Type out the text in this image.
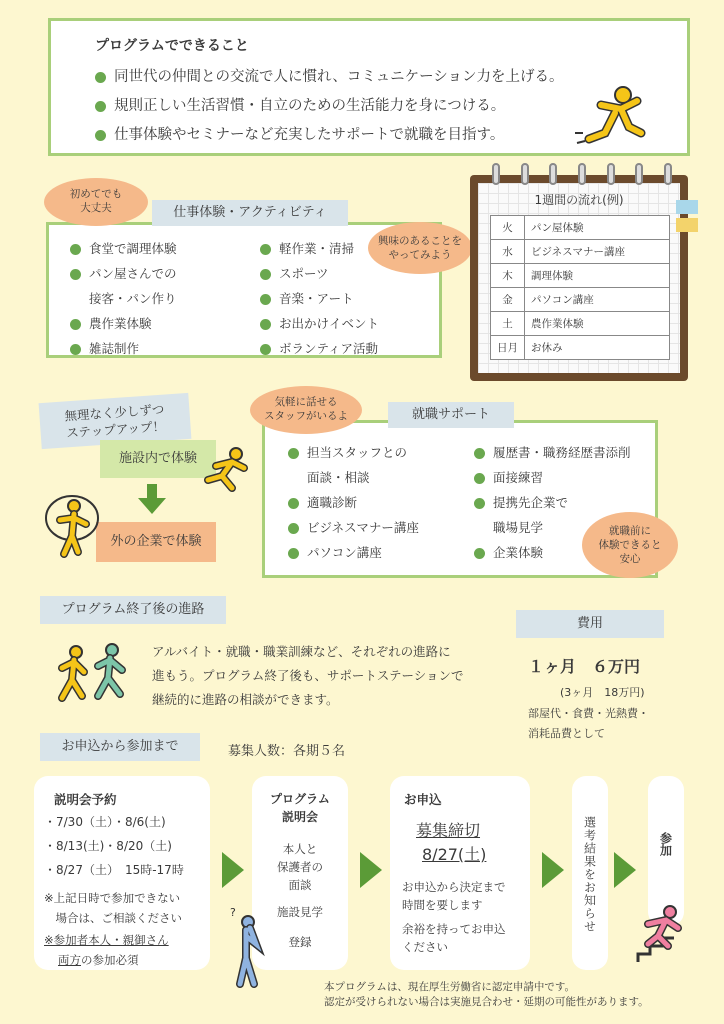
プログラムでできること
同世代の仲間との交流で人に慣れ、コミュニケーション力を上げる。
規則正しい生活習慣・自立のための生活能力を身につける。
仕事体験やセミナーなど充実したサポートで就職を目指す。
初めてでも
大丈夫	仕事体験・アクティビティ
食堂で調理体験
パン屋さんでの
接客・パン作り
農作業体験
雑誌制作
軽作業・清掃
スポーツ
音楽・アート
お出かけイベント
ボランティア活動
興味のあることを
やってみよう
1週間の流れ(例)
火	パン屋体験
水	ビジネスマナー講座
木	調理体験
金	パソコン講座
土	農作業体験
日月	お休み
無理なく少しずつ
ステップアップ！
施設内で体験
外の企業で体験
気軽に話せる
スタッフがいるよ	就職サポート
担当スタッフとの
面談・相談
適職診断
ビジネスマナー講座
パソコン講座
履歴書・職務経歴書添削
面接練習
提携先企業で
職場見学
企業体験
就職前に
体験できると
安心
プログラム終了後の進路
アルバイト・就職・職業訓練など、それぞれの進路に
進もう。プログラム終了後も、サポートステーションで
継続的に進路の相談ができます。
費用
１ヶ月　６万円
(3ヶ月　18万円)
部屋代・食費・光熱費・
消耗品費として
お申込から参加まで	募集人数：各期５名
説明会予約
・7/30（土）・8/6(土)
・8/13(土)・8/20（土)
・8/27（土）　15時-17時
※上記日時で参加できない
　場合は、ご相談ください
※参加者本人・親御さん
両方の参加必須
プログラム
説明会
本人と
保護者の
面談
施設見学
登録
?
お申込
募集締切
8/27(土)
お申込から決定まで
時間を要します
余裕を持ってお申込
ください
選考結果をお知らせ	参加
本プログラムは、現在厚生労働省に認定申請中です。
認定が受けられない場合は実施見合わせ・延期の可能性があります。
